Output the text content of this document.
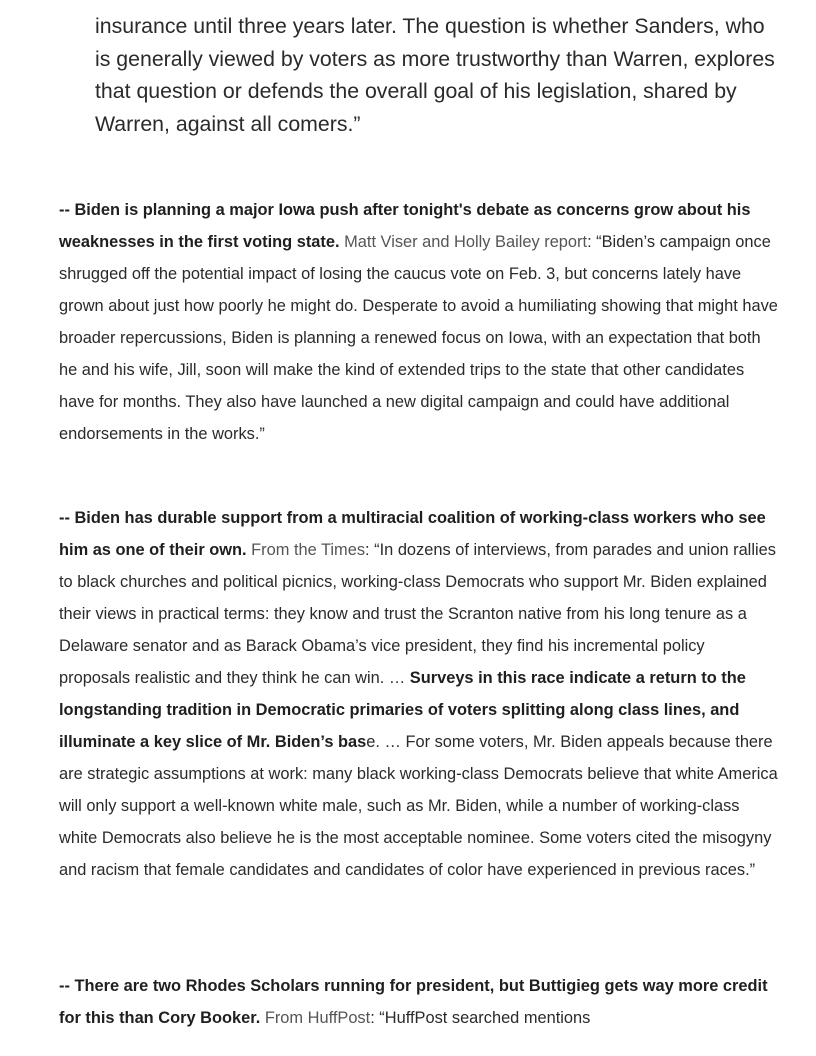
insurance until three years later. The question is whether Sanders, who is generally viewed by voters as more trustworthy than Warren, explores that question or defends the overall goal of his legislation, shared by Warren, against all comers.”

-- Biden is planning a major Iowa push after tonight's debate as concerns grow about his weaknesses in the first voting state. Matt Viser and Holly Bailey report: “Biden’s campaign once shrugged off the potential impact of losing the caucus vote on Feb. 3, but concerns lately have grown about just how poorly he might do. Desperate to avoid a humiliating showing that might have broader repercussions, Biden is planning a renewed focus on Iowa, with an expectation that both he and his wife, Jill, soon will make the kind of extended trips to the state that other candidates have for months. They also have launched a new digital campaign and could have additional endorsements in the works.”

-- Biden has durable support from a multiracial coalition of working-class workers who see him as one of their own. From the Times: “In dozens of interviews, from parades and union rallies to black churches and political picnics, working-class Democrats who support Mr. Biden explained their views in practical terms: they know and trust the Scranton native from his long tenure as a Delaware senator and as Barack Obama’s vice president, they find his incremental policy proposals realistic and they think he can win. … Surveys in this race indicate a return to the longstanding tradition in Democratic primaries of voters splitting along class lines, and illuminate a key slice of Mr. Biden’s base. … For some voters, Mr. Biden appeals because there are strategic assumptions at work: many black working-class Democrats believe that white America will only support a well-known white male, such as Mr. Biden, while a number of working-class white Democrats also believe he is the most acceptable nominee. Some voters cited the misogyny and racism that female candidates and candidates of color have experienced in previous races.”

-- There are two Rhodes Scholars running for president, but Buttigieg gets way more credit for this than Cory Booker. From HuffPost: “HuffPost searched mentions
